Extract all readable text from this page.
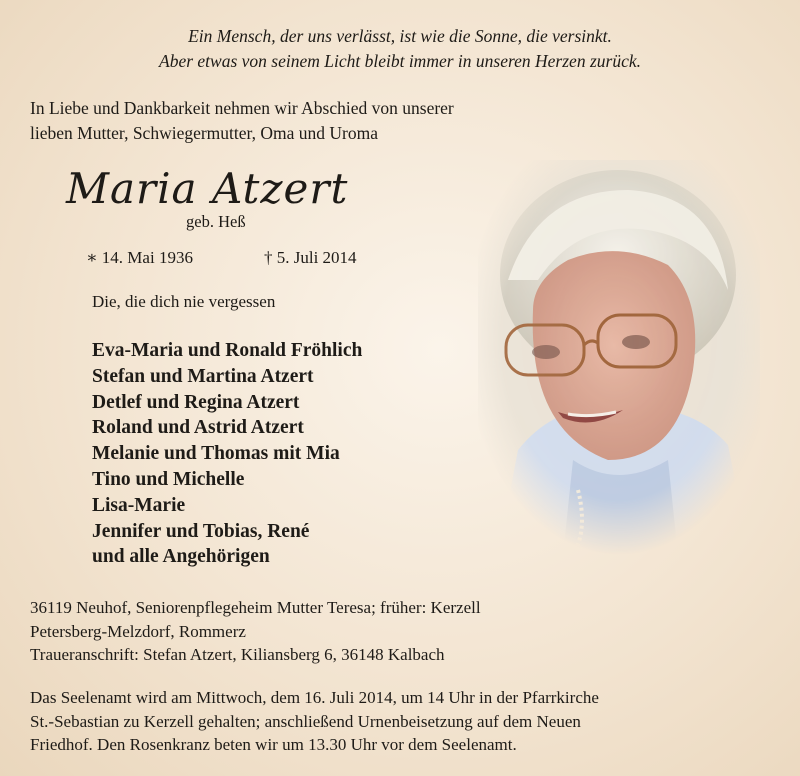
Ein Mensch, der uns verlässt, ist wie die Sonne, die versinkt.
Aber etwas von seinem Licht bleibt immer in unseren Herzen zurück.
In Liebe und Dankbarkeit nehmen wir Abschied von unserer
lieben Mutter, Schwiegermutter, Oma und Uroma
Maria Atzert
geb. Heß
∗ 14. Mai 1936	† 5. Juli 2014
Die, die dich nie vergessen
Eva-Maria und Ronald Fröhlich
Stefan und Martina Atzert
Detlef und Regina Atzert
Roland und Astrid Atzert
Melanie und Thomas mit Mia
Tino und Michelle
Lisa-Marie
Jennifer und Tobias, René
und alle Angehörigen
36119 Neuhof, Seniorenpflegeheim Mutter Teresa; früher: Kerzell
Petersberg-Melzdorf, Rommerz
Traueranschrift: Stefan Atzert, Kiliansberg 6, 36148 Kalbach
Das Seelenamt wird am Mittwoch, dem 16. Juli 2014, um 14 Uhr in der Pfarrkirche
St.-Sebastian zu Kerzell gehalten; anschließend Urnenbeisetzung auf dem Neuen
Friedhof. Den Rosenkranz beten wir um 13.30 Uhr vor dem Seelenamt.
